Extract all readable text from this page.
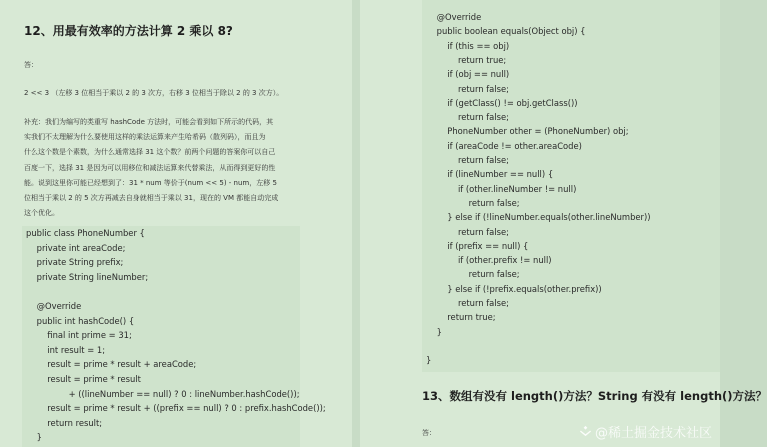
12、用最有效率的方法计算 2 乘以 8?

答：

2 << 3 （左移 3 位相当于乘以 2 的 3 次方，右移 3 位相当于除以 2 的 3 次方）。

补充：我们为编写的类重写 hashCode 方法时，可能会看到如下所示的代码，其

实我们不太理解为什么要使用这样的乘法运算来产生哈希码（散列码），而且为

什么这个数是个素数，为什么通常选择 31 这个数？前两个问题的答案你可以自己

百度一下，选择 31 是因为可以用移位和减法运算来代替乘法，从而得到更好的性

能。说到这里你可能已经想到了：31 * num 等价于(num << 5) - num，左移 5

位相当于乘以 2 的 5 次方再减去自身就相当于乘以 31，现在的 VM 都能自动完成

这个优化。

public class PhoneNumber {
private int areaCode;
private String prefix;
private String lineNumber;
@Override
public int hashCode() {
final int prime = 31;
int result = 1;
result = prime * result + areaCode;
result = prime * result
+ ((lineNumber == null) ? 0 : lineNumber.hashCode());
result = prime * result + ((prefix == null) ? 0 : prefix.hashCode());
return result;
}
@Override
public boolean equals(Object obj) {
if (this == obj)
return true;
if (obj == null)
return false;
if (getClass() != obj.getClass())
return false;
PhoneNumber other = (PhoneNumber) obj;
if (areaCode != other.areaCode)
return false;
if (lineNumber == null) {
if (other.lineNumber != null)
return false;
} else if (!lineNumber.equals(other.lineNumber))
return false;
if (prefix == null) {
if (other.prefix != null)
return false;
} else if (!prefix.equals(other.prefix))
return false;
return true;
}
}
13、数组有没有 length()方法？String 有没有 length()方法？

答：	@稀土掘金技术社区
